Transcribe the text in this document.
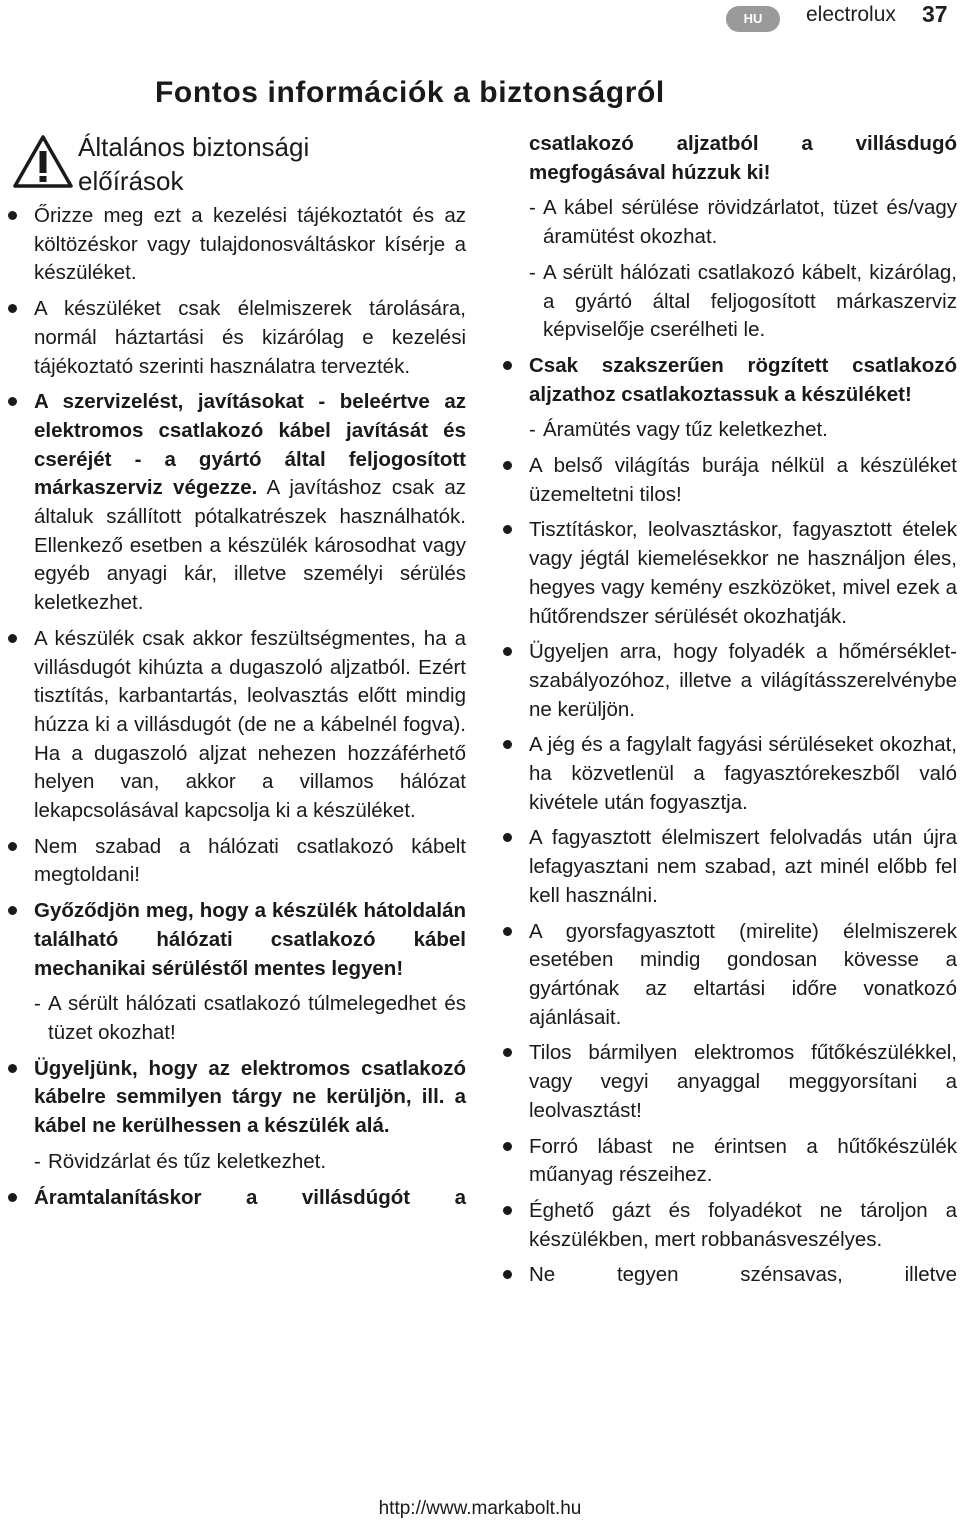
HU	electrolux 37
Fontos információk a biztonságról
Általános biztonsági
előírások
Őrizze meg ezt a kezelési tájékoztatót és az költözéskor vagy tulajdonosváltáskor kísérje a készüléket.
A készüléket csak élelmiszerek tárolására, normál háztartási és kizárólag e kezelési tájékoztató szerinti használatra tervezték.
A szervizelést, javításokat - beleértve az elektromos csatlakozó kábel javítását és cseréjét - a gyártó által feljogosított márkaszerviz végezze. A javításhoz csak az általuk szállított pótalkatrészek használhatók. Ellenkező esetben a készülék károsodhat vagy egyéb anyagi kár, illetve személyi sérülés keletkezhet.
A készülék csak akkor feszültségmentes, ha a villásdugót kihúzta a dugaszoló aljzatból. Ezért tisztítás, karbantartás, leolvasztás előtt mindig húzza ki a villásdugót (de ne a kábelnél fogva). Ha a dugaszoló aljzat nehezen hozzáférhető helyen van, akkor a villamos hálózat lekapcsolásával kapcsolja ki a készüléket.
Nem szabad a hálózati csatlakozó kábelt megtoldani!
Győződjön meg, hogy a készülék hátoldalán található hálózati csatlakozó kábel mechanikai sérüléstől mentes legyen!
- A sérült hálózati csatlakozó túlmelegedhet és tüzet okozhat!
Ügyeljünk, hogy az elektromos csatlakozó kábelre semmilyen tárgy ne kerüljön, ill. a kábel ne kerülhessen a készülék alá.
- Rövidzárlat és tűz keletkezhet.
Áramtalanításkor a villásdúgót a
csatlakozó aljzatból a villásdugó megfogásával húzzuk ki!
- A kábel sérülése rövidzárlatot, tüzet és/vagy áramütést okozhat.
- A sérült hálózati csatlakozó kábelt, kizárólag, a gyártó által feljogosított márkaszerviz képviselője cserélheti le.
Csak szakszerűen rögzített csatlakozó aljzathoz csatlakoztassuk a készüléket!
- Áramütés vagy tűz keletkezhet.
A belső világítás burája nélkül a készüléket üzemeltetni tilos!
Tisztításkor, leolvasztáskor, fagyasztott ételek vagy jégtál kiemelésekkor ne használjon éles, hegyes vagy kemény eszközöket, mivel ezek a hűtőrendszer sérülését okozhatják.
Ügyeljen arra, hogy folyadék a hőmérséklet-szabályozóhoz, illetve a világításszerelvénybe ne kerüljön.
A jég és a fagylalt fagyási sérüléseket okozhat, ha közvetlenül a fagyasztórekeszből való kivétele után fogyasztja.
A fagyasztott élelmiszert felolvadás után újra lefagyasztani nem szabad, azt minél előbb fel kell használni.
A gyorsfagyasztott (mirelite) élelmiszerek esetében mindig gondosan kövesse a gyártónak az eltartási időre vonatkozó ajánlásait.
Tilos bármilyen elektromos fűtőkészülékkel, vagy vegyi anyaggal meggyorsítani a leolvasztást!
Forró lábast ne érintsen a hűtőkészülék műanyag részeihez.
Éghető gázt és folyadékot ne tároljon a készülékben, mert robbanásveszélyes.
Ne tegyen szénsavas, illetve
http://www.markabolt.hu
